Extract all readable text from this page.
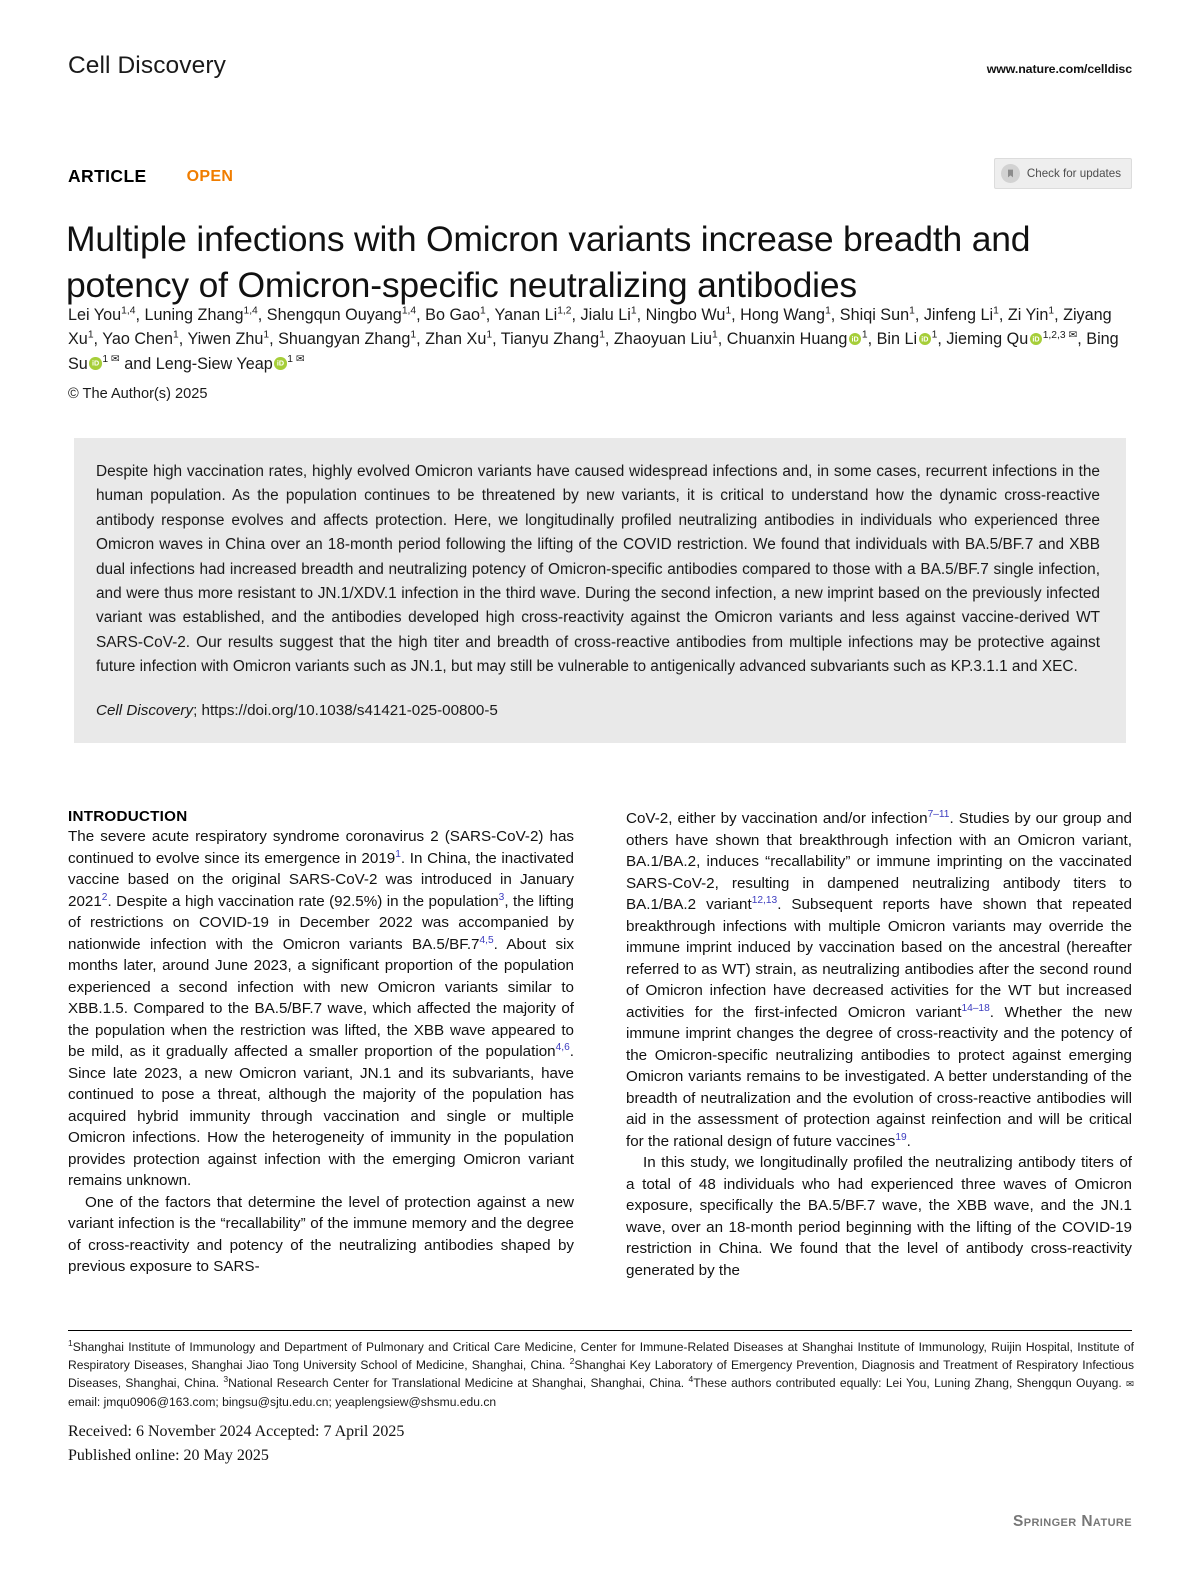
Cell Discovery	www.nature.com/celldisc
ARTICLE	OPEN	Check for updates
Multiple infections with Omicron variants increase breadth and potency of Omicron-specific neutralizing antibodies
Lei You$^{1,4}$, Luning Zhang$^{1,4}$, Shengqun Ouyang$^{1,4}$, Bo Gao$^1$, Yanan Li$^{1,2}$, Jialu Li$^1$, Ningbo Wu$^1$, Hong Wang$^1$, Shiqi Sun$^1$, Jinfeng Li$^1$, Zi Yin$^1$, Ziyang Xu$^1$, Yao Chen$^1$, Yiwen Zhu$^1$, Shuangyan Zhang$^1$, Zhan Xu$^1$, Tianyu Zhang$^1$, Zhaoyuan Liu$^1$, Chuanxin Huang iD $^1$, Bin Li iD $^1$, Jieming Qu iD $^{1,2,3 ✉}$, Bing Su iD $^{1 ✉}$ and Leng-Siew Yeap iD $^{1 ✉}$
© The Author(s) 2025

Despite high vaccination rates, highly evolved Omicron variants have caused widespread infections and, in some cases, recurrent infections in the human population. As the population continues to be threatened by new variants, it is critical to understand how the dynamic cross-reactive antibody response evolves and affects protection. Here, we longitudinally profiled neutralizing antibodies in individuals who experienced three Omicron waves in China over an 18-month period following the lifting of the COVID restriction. We found that individuals with BA.5/BF.7 and XBB dual infections had increased breadth and neutralizing potency of Omicron-specific antibodies compared to those with a BA.5/BF.7 single infection, and were thus more resistant to JN.1/XDV.1 infection in the third wave. During the second infection, a new imprint based on the previously infected variant was established, and the antibodies developed high cross-reactivity against the Omicron variants and less against vaccine-derived WT SARS-CoV-2. Our results suggest that the high titer and breadth of cross-reactive antibodies from multiple infections may be protective against future infection with Omicron variants such as JN.1, but may still be vulnerable to antigenically advanced subvariants such as KP.3.1.1 and XEC.

Cell Discovery; https://doi.org/10.1038/s41421-025-00800-5

INTRODUCTION

The severe acute respiratory syndrome coronavirus 2 (SARS-CoV-2) has continued to evolve since its emergence in 2019$^1$. In China, the inactivated vaccine based on the original SARS-CoV-2 was introduced in January 2021$^2$. Despite a high vaccination rate (92.5%) in the population$^3$, the lifting of restrictions on COVID-19 in December 2022 was accompanied by nationwide infection with the Omicron variants BA.5/BF.7$^{4,5}$. About six months later, around June 2023, a significant proportion of the population experienced a second infection with new Omicron variants similar to XBB.1.5. Compared to the BA.5/BF.7 wave, which affected the majority of the population when the restriction was lifted, the XBB wave appeared to be mild, as it gradually affected a smaller proportion of the population$^{4,6}$. Since late 2023, a new Omicron variant, JN.1 and its subvariants, have continued to pose a threat, although the majority of the population has acquired hybrid immunity through vaccination and single or multiple Omicron infections. How the heterogeneity of immunity in the population provides protection against infection with the emerging Omicron variant remains unknown.

One of the factors that determine the level of protection against a new variant infection is the “recallability” of the immune memory and the degree of cross-reactivity and potency of the neutralizing antibodies shaped by previous exposure to SARS-

CoV-2, either by vaccination and/or infection$^{7-11}$. Studies by our group and others have shown that breakthrough infection with an Omicron variant, BA.1/BA.2, induces “recallability” or immune imprinting on the vaccinated SARS-CoV-2, resulting in dampened neutralizing antibody titers to BA.1/BA.2 variant$^{12,13}$. Subsequent reports have shown that repeated breakthrough infections with multiple Omicron variants may override the immune imprint induced by vaccination based on the ancestral (hereafter referred to as WT) strain, as neutralizing antibodies after the second round of Omicron infection have decreased activities for the WT but increased activities for the first-infected Omicron variant$^{14-18}$. Whether the new immune imprint changes the degree of cross-reactivity and the potency of the Omicron-specific neutralizing antibodies to protect against emerging Omicron variants remains to be investigated. A better understanding of the breadth of neutralization and the evolution of cross-reactive antibodies will aid in the assessment of protection against reinfection and will be critical for the rational design of future vaccines$^{19}$.

In this study, we longitudinally profiled the neutralizing antibody titers of a total of 48 individuals who had experienced three waves of Omicron exposure, specifically the BA.5/BF.7 wave, the XBB wave, and the JN.1 wave, over an 18-month period beginning with the lifting of the COVID-19 restriction in China. We found that the level of antibody cross-reactivity generated by the

$^1$Shanghai Institute of Immunology and Department of Pulmonary and Critical Care Medicine, Center for Immune-Related Diseases at Shanghai Institute of Immunology, Ruijin Hospital, Institute of Respiratory Diseases, Shanghai Jiao Tong University School of Medicine, Shanghai, China. $^2$Shanghai Key Laboratory of Emergency Prevention, Diagnosis and Treatment of Respiratory Infectious Diseases, Shanghai, China. $^3$National Research Center for Translational Medicine at Shanghai, Shanghai, China. $^4$These authors contributed equally: Lei You, Luning Zhang, Shengqun Ouyang. ✉email: jmqu0906@163.com; bingsu@sjtu.edu.cn; yeaplengsiew@shsmu.edu.cn
Received: 6 November 2024 Accepted: 7 April 2025
Published online: 20 May 2025
Springer Nature
